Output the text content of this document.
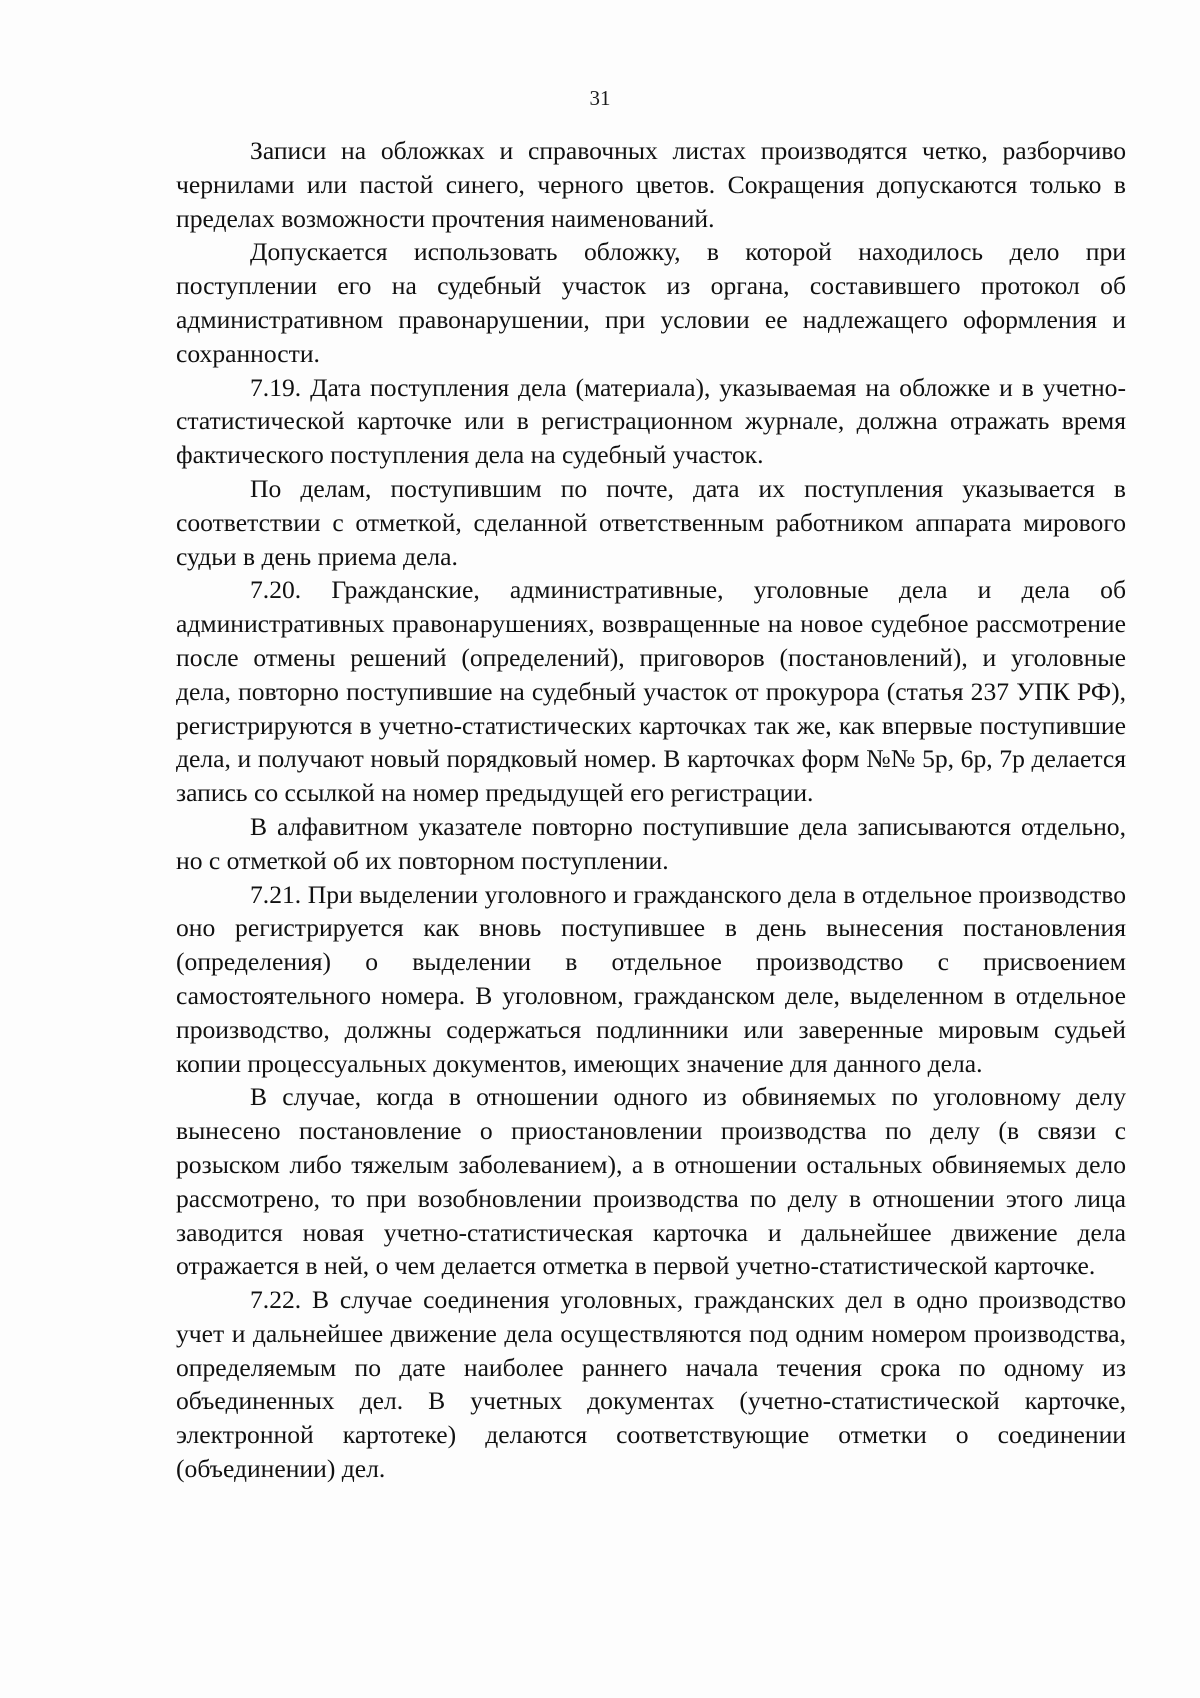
31

Записи на обложках и справочных листах производятся четко, разборчиво чернилами или пастой синего, черного цветов. Сокращения допускаются только в пределах возможности прочтения наименований.

Допускается использовать обложку, в которой находилось дело при поступлении его на судебный участок из органа, составившего протокол об административном правонарушении, при условии ее надлежащего оформления и сохранности.

7.19. Дата поступления дела (материала), указываемая на обложке и в учетно-статистической карточке или в регистрационном журнале, должна отражать время фактического поступления дела на судебный участок.

По делам, поступившим по почте, дата их поступления указывается в соответствии с отметкой, сделанной ответственным работником аппарата мирового судьи в день приема дела.

7.20. Гражданские, административные, уголовные дела и дела об административных правонарушениях, возвращенные на новое судебное рассмотрение после отмены решений (определений), приговоров (постановлений), и уголовные дела, повторно поступившие на судебный участок от прокурора (статья 237 УПК РФ), регистрируются в учетно-статистических карточках так же, как впервые поступившие дела, и получают новый порядковый номер. В карточках форм №№ 5р, 6р, 7р делается запись со ссылкой на номер предыдущей его регистрации.

В алфавитном указателе повторно поступившие дела записываются отдельно, но с отметкой об их повторном поступлении.

7.21. При выделении уголовного и гражданского дела в отдельное производство оно регистрируется как вновь поступившее в день вынесения постановления (определения) о выделении в отдельное производство с присвоением самостоятельного номера. В уголовном, гражданском деле, выделенном в отдельное производство, должны содержаться подлинники или заверенные мировым судьей копии процессуальных документов, имеющих значение для данного дела.

В случае, когда в отношении одного из обвиняемых по уголовному делу вынесено постановление о приостановлении производства по делу (в связи с розыском либо тяжелым заболеванием), а в отношении остальных обвиняемых дело рассмотрено, то при возобновлении производства по делу в отношении этого лица заводится новая учетно-статистическая карточка и дальнейшее движение дела отражается в ней, о чем делается отметка в первой учетно-статистической карточке.

7.22. В случае соединения уголовных, гражданских дел в одно производство учет и дальнейшее движение дела осуществляются под одним номером производства, определяемым по дате наиболее раннего начала течения срока по одному из объединенных дел. В учетных документах (учетно-статистической карточке, электронной картотеке) делаются соответствующие отметки о соединении (объединении) дел.
